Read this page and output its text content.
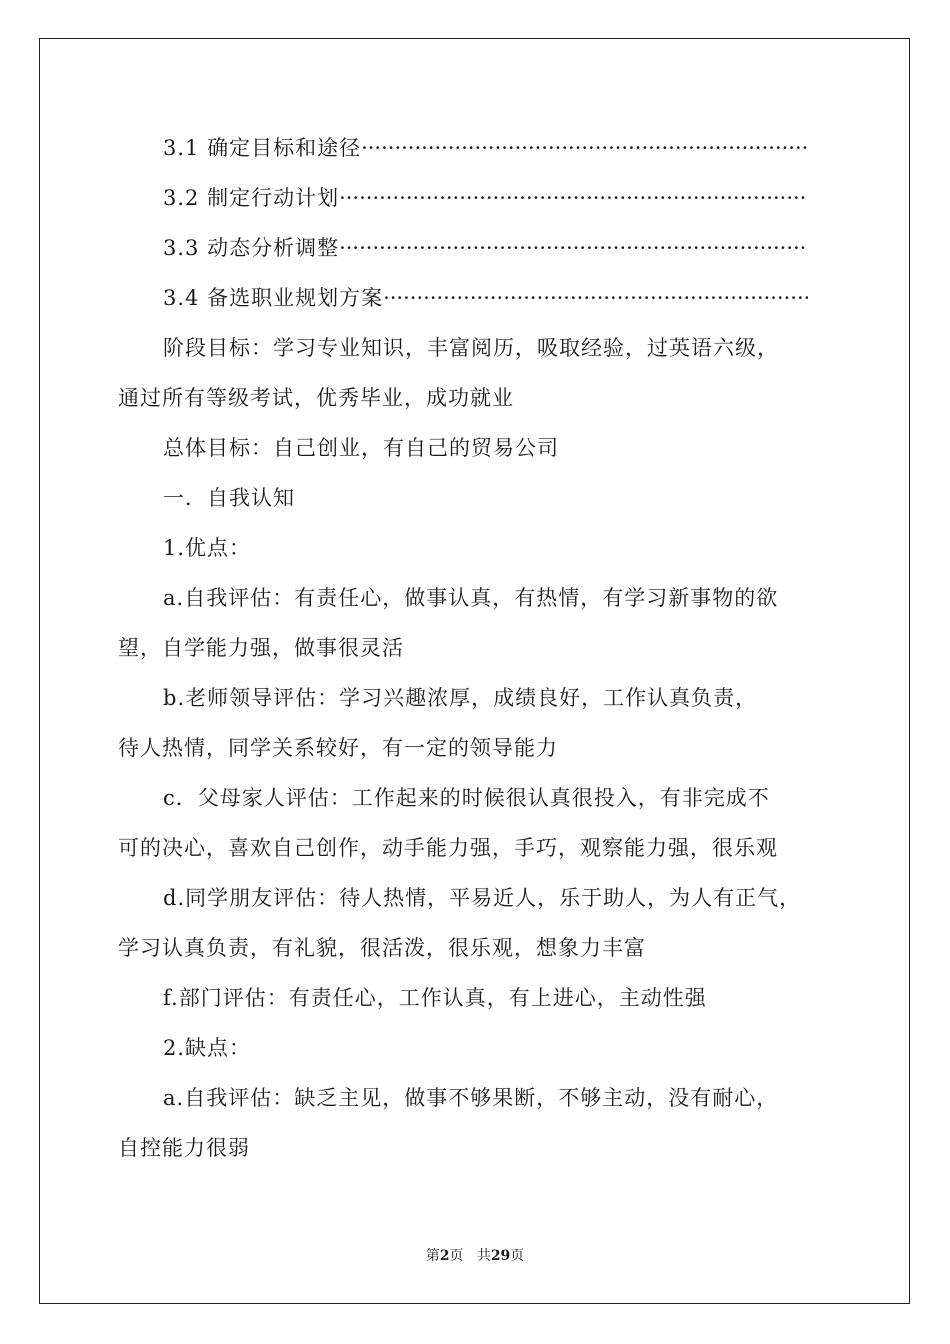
3.1 确定目标和途径 ·····
3.2 制定行动计划 ·····
3.3 动态分析调整 ·····
3.4 备选职业规划方案 ·····
阶段目标：学习专业知识，丰富阅历，吸取经验，过英语六级，
通过所有等级考试，优秀毕业，成功就业
总体目标：自己创业，有自己的贸易公司
一．自我认知
1.优点：
a.自我评估：有责任心，做事认真，有热情，有学习新事物的欲
望，自学能力强，做事很灵活
b.老师领导评估：学习兴趣浓厚，成绩良好，工作认真负责，
待人热情，同学关系较好，有一定的领导能力
c．父母家人评估：工作起来的时候很认真很投入，有非完成不
可的决心，喜欢自己创作，动手能力强，手巧，观察能力强，很乐观
d.同学朋友评估：待人热情，平易近人，乐于助人，为人有正气，
学习认真负责，有礼貌，很活泼，很乐观，想象力丰富
f.部门评估：有责任心，工作认真，有上进心，主动性强
2.缺点：
a.自我评估：缺乏主见，做事不够果断，不够主动，没有耐心，
自控能力很弱
第2页 共29页
